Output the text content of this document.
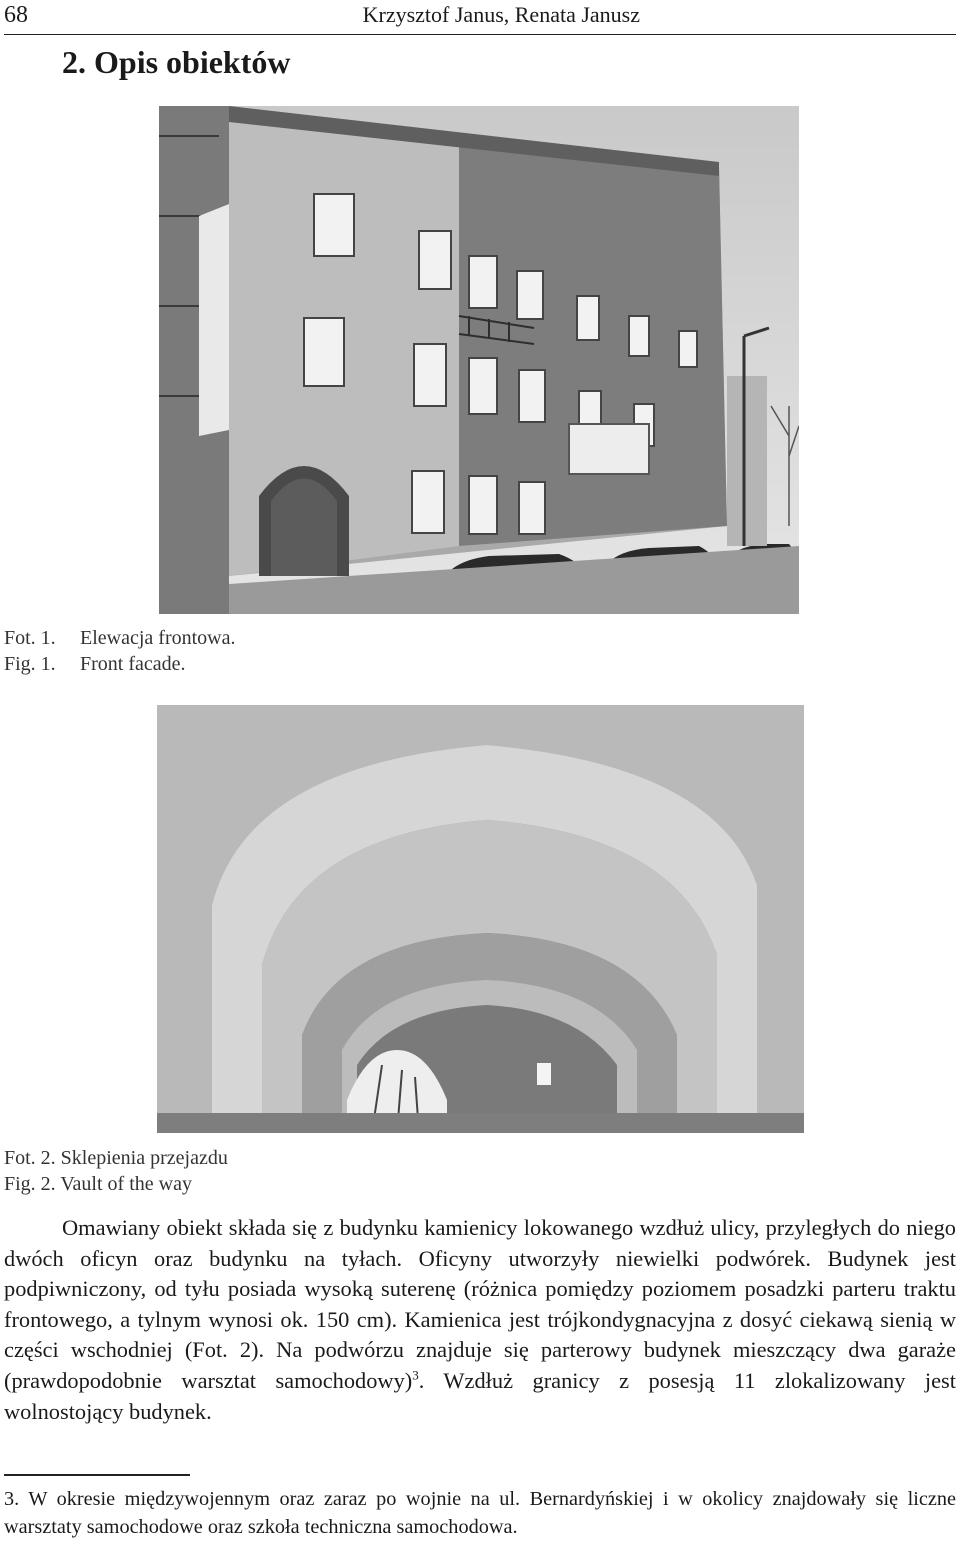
68	Krzysztof Janus, Renata Janusz
2. Opis obiektów
Fot. 1. Elewacja frontowa.
Fig. 1. Front facade.
Fot. 2. Sklepienia przejazdu
Fig. 2. Vault of the way

Omawiany obiekt składa się z budynku kamienicy lokowanego wzdłuż ulicy, przyległych do niego dwóch oficyn oraz budynku na tyłach. Oficyny utworzyły niewielki podwórek. Budynek jest podpiwniczony, od tyłu posiada wysoką suterenę (różnica pomiędzy poziomem posadzki parteru traktu frontowego, a tylnym wynosi ok. 150 cm). Kamienica jest trójkondygnacyjna z dosyć ciekawą sienią w części wschodniej (Fot. 2). Na podwórzu znajduje się parterowy budynek mieszczący dwa garaże (prawdopodobnie warsztat samochodowy)$^3$. Wzdłuż granicy z posesją 11 zlokalizowany jest wolnostojący budynek.

3. W okresie międzywojennym oraz zaraz po wojnie na ul. Bernardyńskiej i w okolicy znajdowały się liczne warsztaty samochodowe oraz szkoła techniczna samochodowa.
